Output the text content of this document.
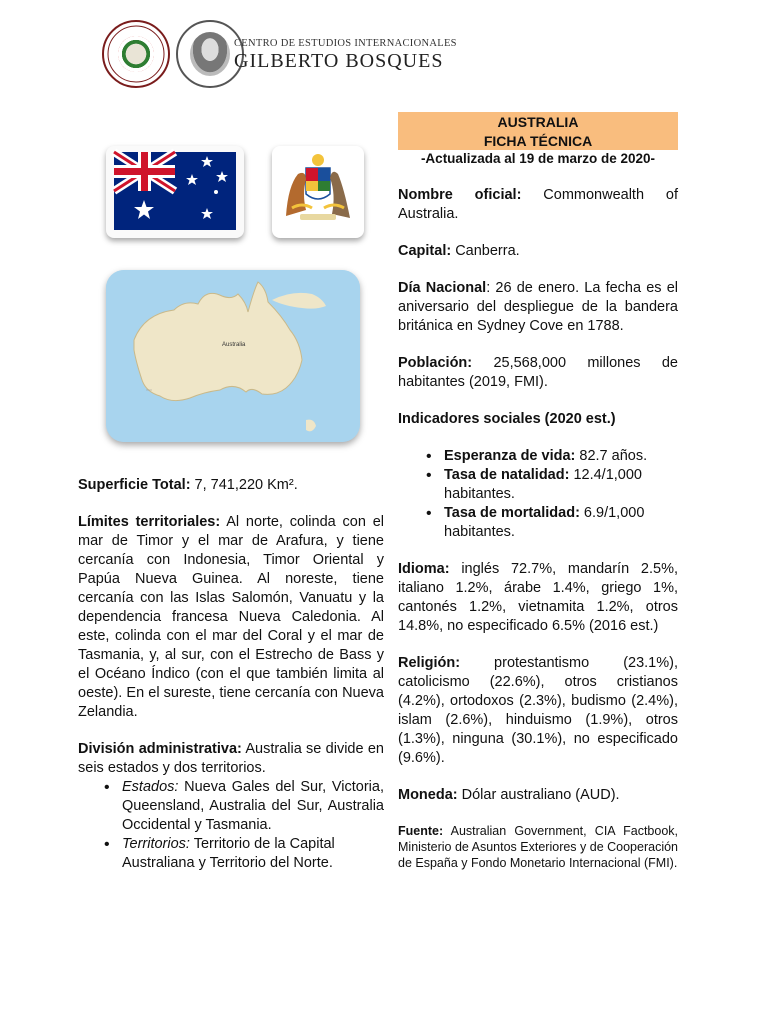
CENTRO DE ESTUDIOS INTERNACIONALES
GILBERTO BOSQUES
Australia
AUSTRALIA
FICHA TÉCNICA
-Actualizada al 19 de marzo de 2020-

Nombre oficial: Commonwealth of Australia.

Capital: Canberra.

Día Nacional: 26 de enero. La fecha es el aniversario del despliegue de la bandera británica en Sydney Cove en 1788.

Población: 25,568,000 millones de habitantes (2019, FMI).

Indicadores sociales (2020 est.)

• Esperanza de vida: 82.7 años.
• Tasa de natalidad: 12.4/1,000 habitantes.
• Tasa de mortalidad: 6.9/1,000 habitantes.

Idioma: inglés 72.7%, mandarín 2.5%, italiano 1.2%, árabe 1.4%, griego 1%, cantonés 1.2%, vietnamita 1.2%, otros 14.8%, no especificado 6.5% (2016 est.)

Religión: protestantismo (23.1%), catolicismo (22.6%), otros cristianos (4.2%), ortodoxos (2.3%), budismo (2.4%), islam (2.6%), hinduismo (1.9%), otros (1.3%), ninguna (30.1%), no especificado (9.6%).

Moneda: Dólar australiano (AUD).

Fuente: Australian Government, CIA Factbook, Ministerio de Asuntos Exteriores y de Cooperación de España y Fondo Monetario Internacional (FMI).

Superficie Total: 7, 741,220 Km².

Límites territoriales: Al norte, colinda con el mar de Timor y el mar de Arafura, y tiene cercanía con Indonesia, Timor Oriental y Papúa Nueva Guinea. Al noreste, tiene cercanía con las Islas Salomón, Vanuatu y la dependencia francesa Nueva Caledonia. Al este, colinda con el mar del Coral y el mar de Tasmania, y, al sur, con el Estrecho de Bass y el Océano Índico (con el que también limita al oeste). En el sureste, tiene cercanía con Nueva Zelandia.

División administrativa: Australia se divide en seis estados y dos territorios.

• Estados: Nueva Gales del Sur, Victoria, Queensland, Australia del Sur, Australia Occidental y Tasmania.
• Territorios: Territorio de la Capital Australiana y Territorio del Norte.
